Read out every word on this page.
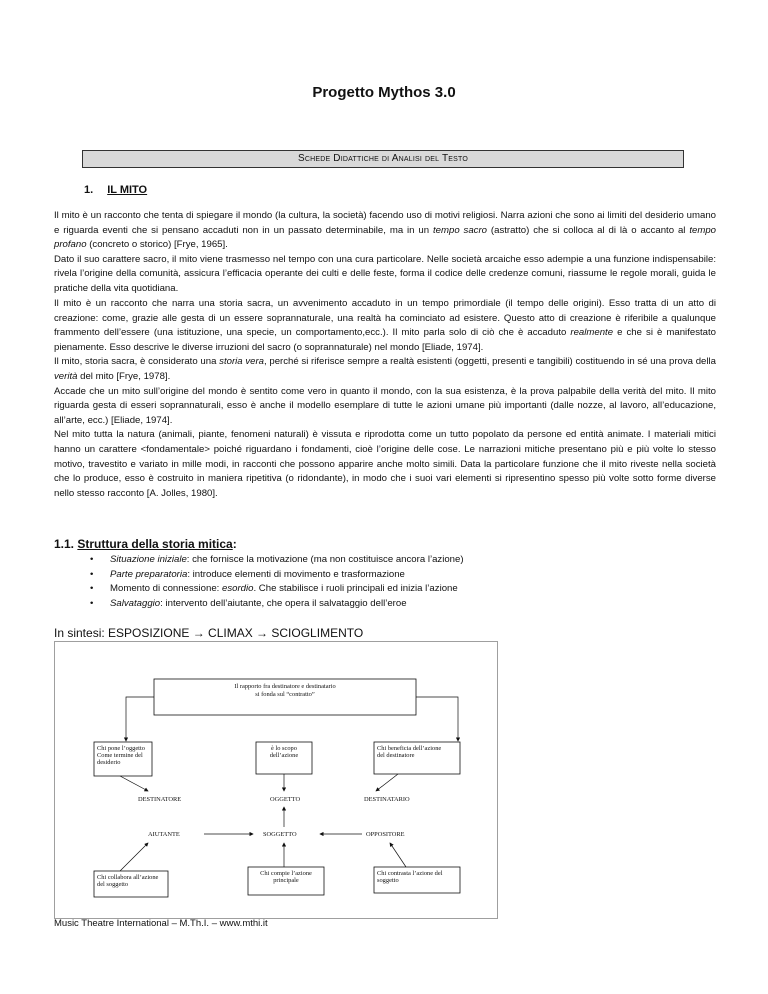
Progetto Mythos 3.0
Schede Didattiche di Analisi del Testo
1. IL MITO

Il mito è un racconto che tenta di spiegare il mondo (la cultura, la società) facendo uso di motivi religiosi. Narra azioni che sono ai limiti del desiderio umano e riguarda eventi che si pensano accaduti non in un passato determinabile, ma in un tempo sacro (astratto) che si colloca al di là o accanto al tempo profano (concreto o storico) [Frye, 1965].

Dato il suo carattere sacro, il mito viene trasmesso nel tempo con una cura particolare. Nelle società arcaiche esso adempie a una funzione indispensabile: rivela l’origine della comunità, assicura l’efficacia operante dei culti e delle feste, forma il codice delle credenze comuni, riassume le regole morali, guida le pratiche della vita quotidiana.

Il mito è un racconto che narra una storia sacra, un avvenimento accaduto in un tempo primordiale (il tempo delle origini). Esso tratta di un atto di creazione: come, grazie alle gesta di un essere soprannaturale, una realtà ha cominciato ad esistere. Questo atto di creazione è riferibile a qualunque frammento dell’essere (una istituzione, una specie, un comportamento,ecc.). Il mito parla solo di ciò che è accaduto realmente e che si è manifestato pienamente. Esso descrive le diverse irruzioni del sacro (o soprannaturale) nel mondo [Eliade, 1974].

Il mito, storia sacra, è considerato una storia vera, perché si riferisce sempre a realtà esistenti (oggetti, presenti e tangibili) costituendo in sé una prova della verità del mito [Frye, 1978].

Accade che un mito sull’origine del mondo è sentito come vero in quanto il mondo, con la sua esistenza, è la prova palpabile della verità del mito. Il mito riguarda gesta di esseri soprannaturali, esso è anche il modello esemplare di tutte le azioni umane più importanti (dalle nozze, al lavoro, all’educazione, all’arte, ecc.) [Eliade, 1974].

Nel mito tutta la natura (animali, piante, fenomeni naturali) è vissuta e riprodotta come un tutto popolato da persone ed entità animate. I materiali mitici hanno un carattere <fondamentale> poiché riguardano i fondamenti, cioè l’origine delle cose. Le narrazioni mitiche presentano più e più volte lo stesso motivo, travestito e variato in mille modi, in racconti che possono apparire anche molto simili. Data la particolare funzione che il mito riveste nella società che lo produce, esso è costruito in maniera ripetitiva (o ridondante), in modo che i suoi vari elementi si ripresentino spesso più volte sotto forme diverse nello stesso racconto [A. Jolles, 1980].

1.1. Struttura della storia mitica:
• Situazione iniziale: che fornisce la motivazione (ma non costituisce ancora l’azione)
• Parte preparatoria: introduce elementi di movimento e trasformazione
• Momento di connessione: esordio. Che stabilisce i ruoli principali ed inizia l’azione
• Salvataggio: intervento dell’aiutante, che opera il salvataggio dell’eroe

In sintesi: ESPOSIZIONE → CLIMAX → SCIOGLIMENTO

Il rapporto fra destinatore e destinatario
si fonda sul “contratto”
Chi pone l’oggetto
Come termine del
desiderio
è lo scopo
dell’azione
Chi beneficia dell’azione
del destinatore
DESTINATORE	OGGETTO	DESTINATARIO
AIUTANTE	SOGGETTO	OPPOSITORE
Chi collabora all’azione
del soggetto
Chi compie l’azione
principale
Chi contrasta l’azione del
soggetto

Music Theatre International – M.Th.I. – www.mthi.it
